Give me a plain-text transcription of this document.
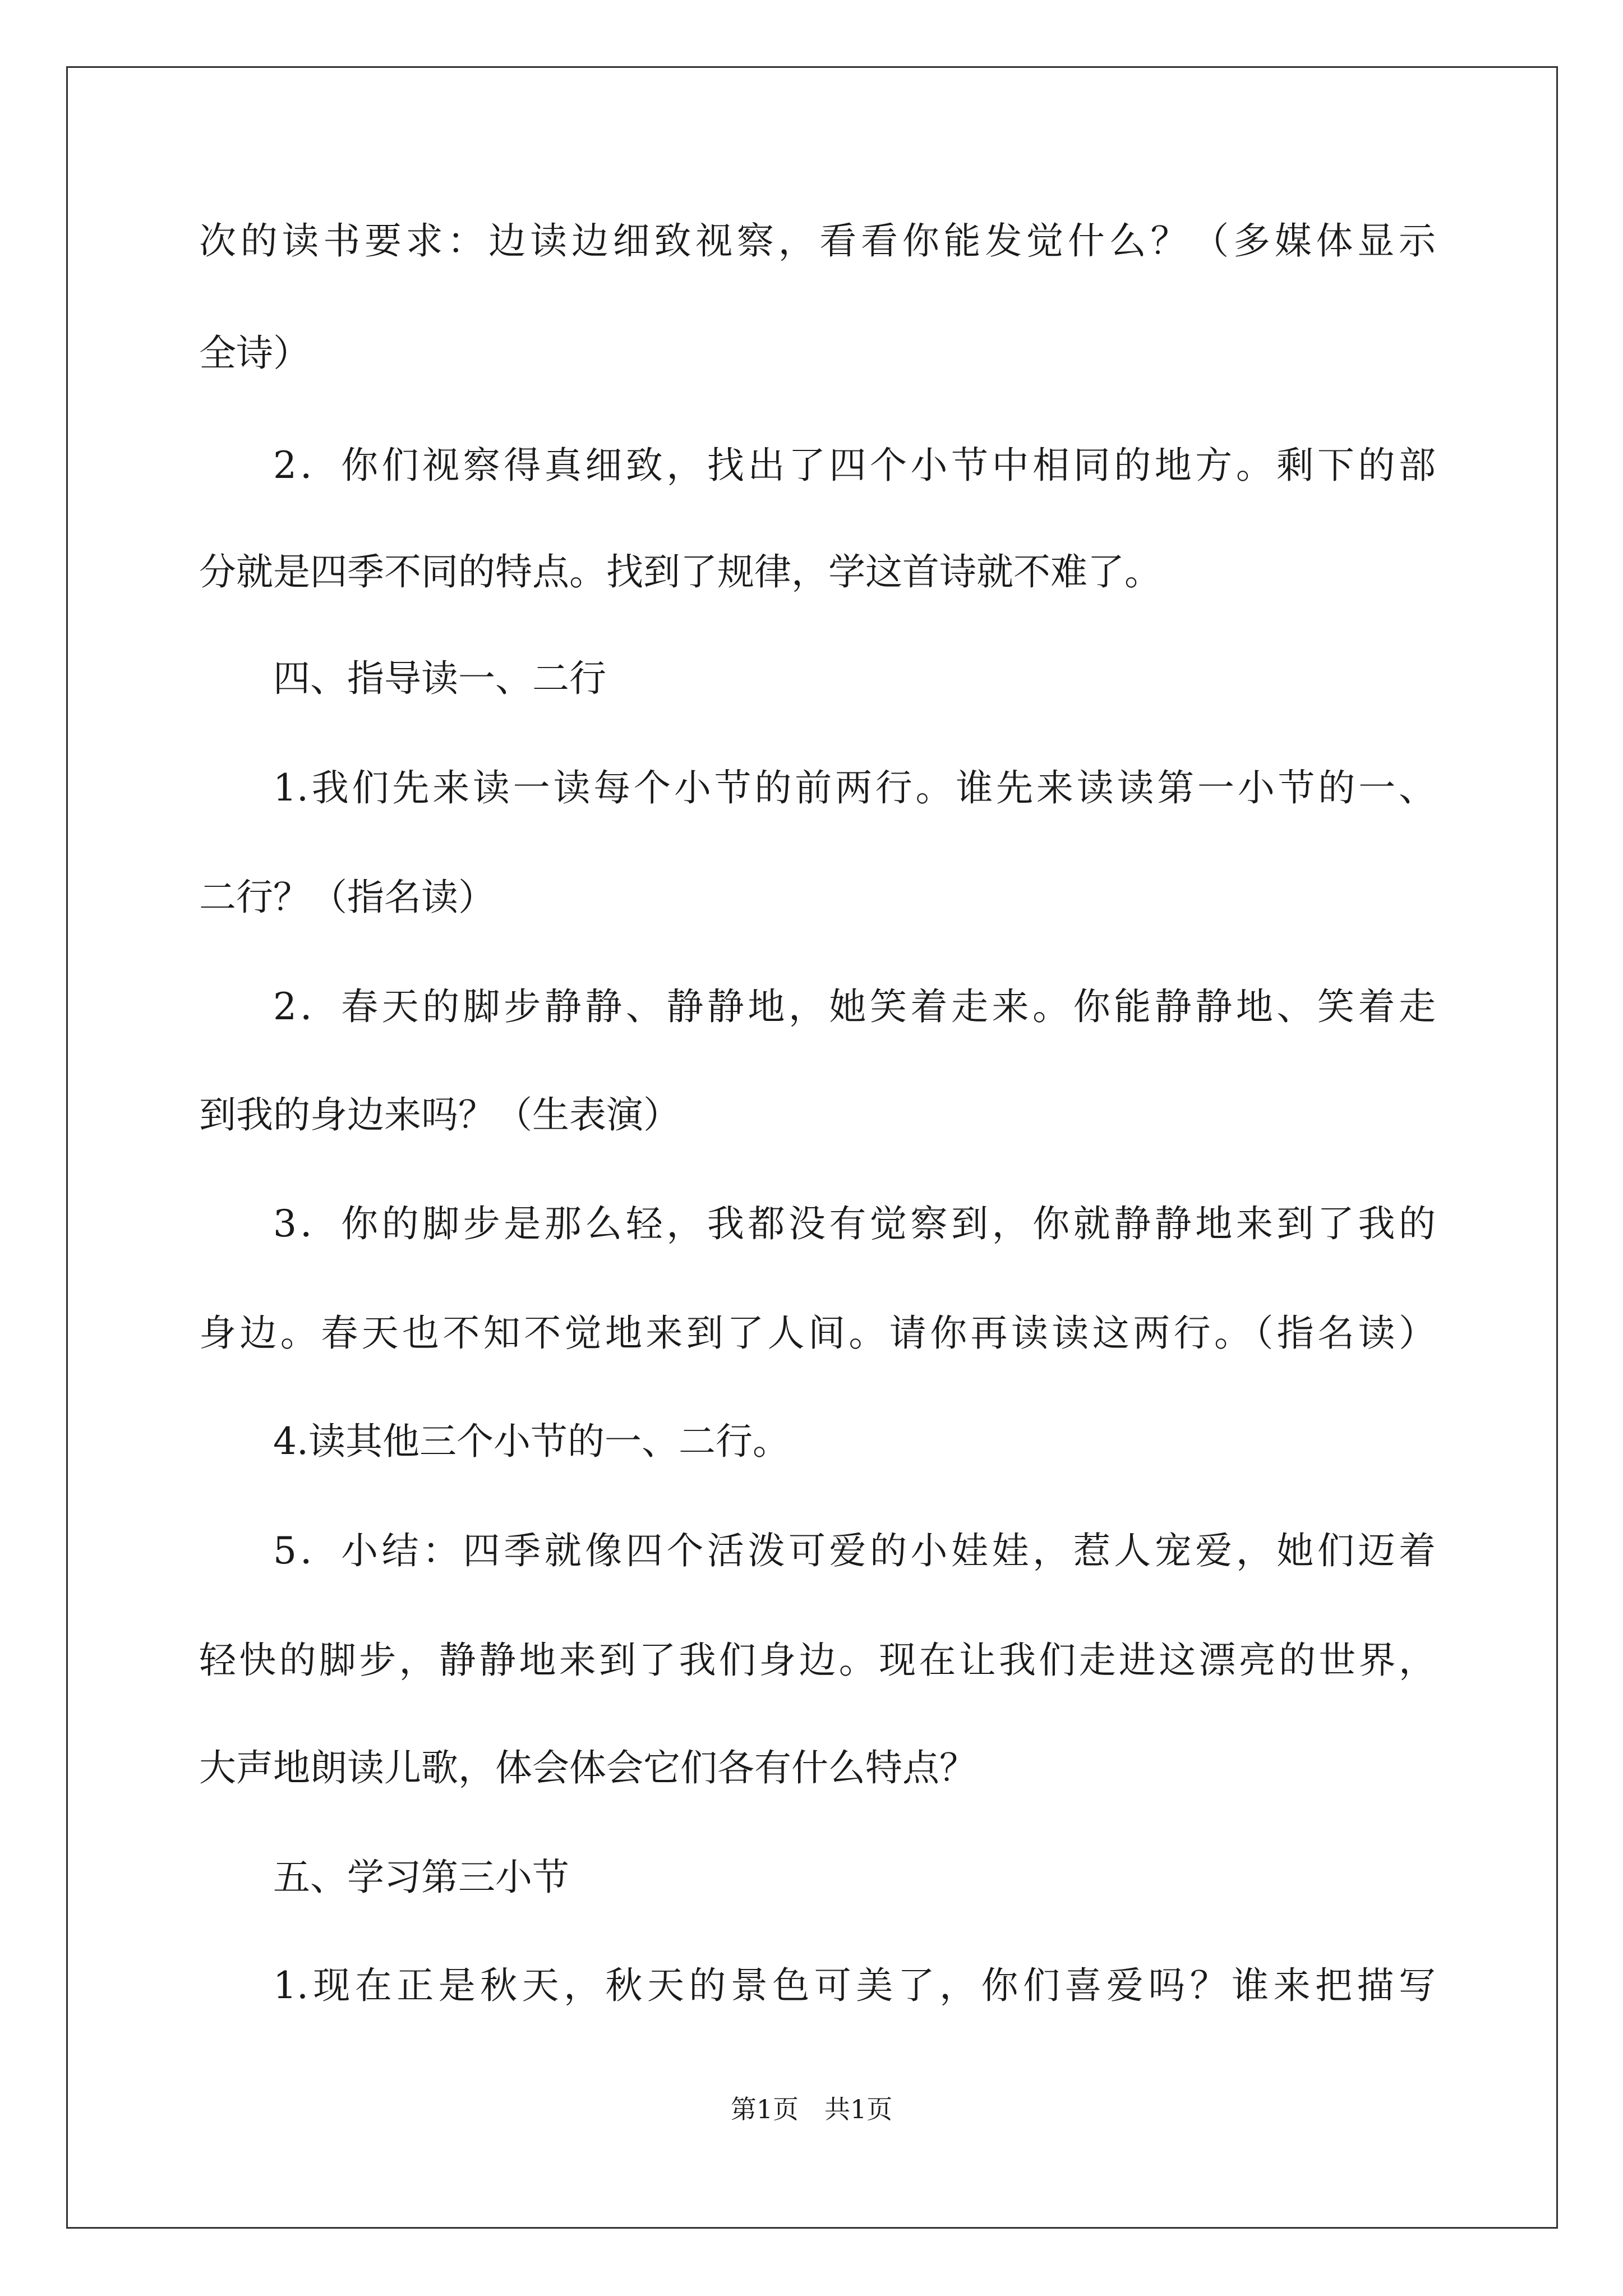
次的读书要求：边读边细致视察，看看你能发觉什么？（多媒体显示
全诗）
2．你们视察得真细致，找出了四个小节中相同的地方。剩下的部
分就是四季不同的特点。找到了规律，学这首诗就不难了。
四、指导读一、二行
1.我们先来读一读每个小节的前两行。谁先来读读第一小节的一、
二行？（指名读）
2．春天的脚步静静、静静地，她笑着走来。你能静静地、笑着走
到我的身边来吗？（生表演）
3．你的脚步是那么轻，我都没有觉察到，你就静静地来到了我的
身边。春天也不知不觉地来到了人间。请你再读读这两行。（指名读）
4.读其他三个小节的一、二行。
5．小结：四季就像四个活泼可爱的小娃娃，惹人宠爱，她们迈着
轻快的脚步，静静地来到了我们身边。现在让我们走进这漂亮的世界，
大声地朗读儿歌，体会体会它们各有什么特点？
五、学习第三小节
1.现在正是秋天，秋天的景色可美了，你们喜爱吗？谁来把描写
第1页　共1页
